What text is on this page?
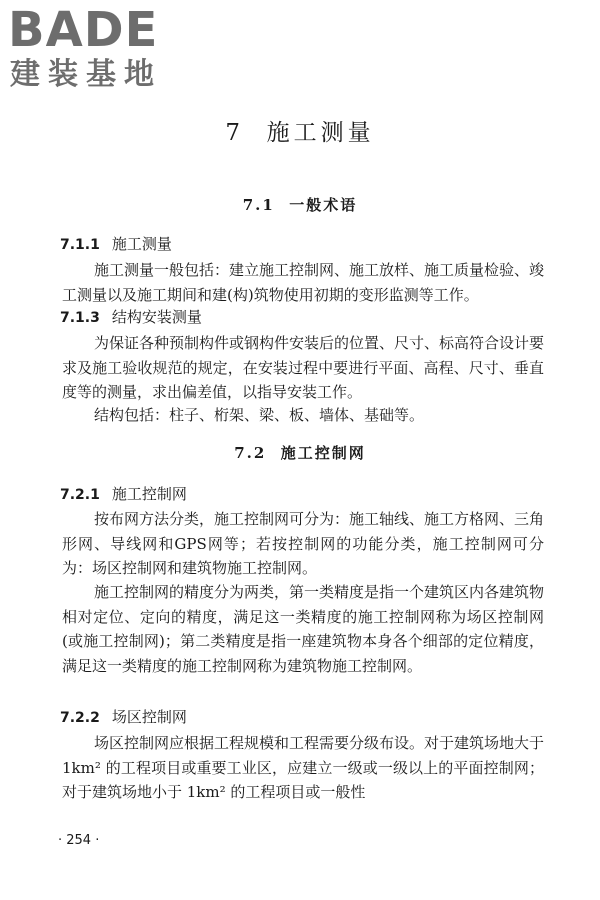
BADE
建装基地
7  施工测量
7.1  一般术语
7.1.1 施工测量

施工测量一般包括：建立施工控制网、施工放样、施工质量检验、竣工测量以及施工期间和建(构)筑物使用初期的变形监测等工作。

7.1.3 结构安装测量

为保证各种预制构件或钢构件安装后的位置、尺寸、标高符合设计要求及施工验收规范的规定，在安装过程中要进行平面、高程、尺寸、垂直度等的测量，求出偏差值，以指导安装工作。

结构包括：柱子、桁架、梁、板、墙体、基础等。

7.2  施工控制网
7.2.1 施工控制网

按布网方法分类，施工控制网可分为：施工轴线、施工方格网、三角形网、导线网和GPS网等；若按控制网的功能分类，施工控制网可分为：场区控制网和建筑物施工控制网。

施工控制网的精度分为两类，第一类精度是指一个建筑区内各建筑物相对定位、定向的精度，满足这一类精度的施工控制网称为场区控制网(或施工控制网)；第二类精度是指一座建筑物本身各个细部的定位精度，满足这一类精度的施工控制网称为建筑物施工控制网。

7.2.2 场区控制网

场区控制网应根据工程规模和工程需要分级布设。对于建筑场地大于 1km² 的工程项目或重要工业区，应建立一级或一级以上的平面控制网；对于建筑场地小于 1km² 的工程项目或一般性

· 254 ·
